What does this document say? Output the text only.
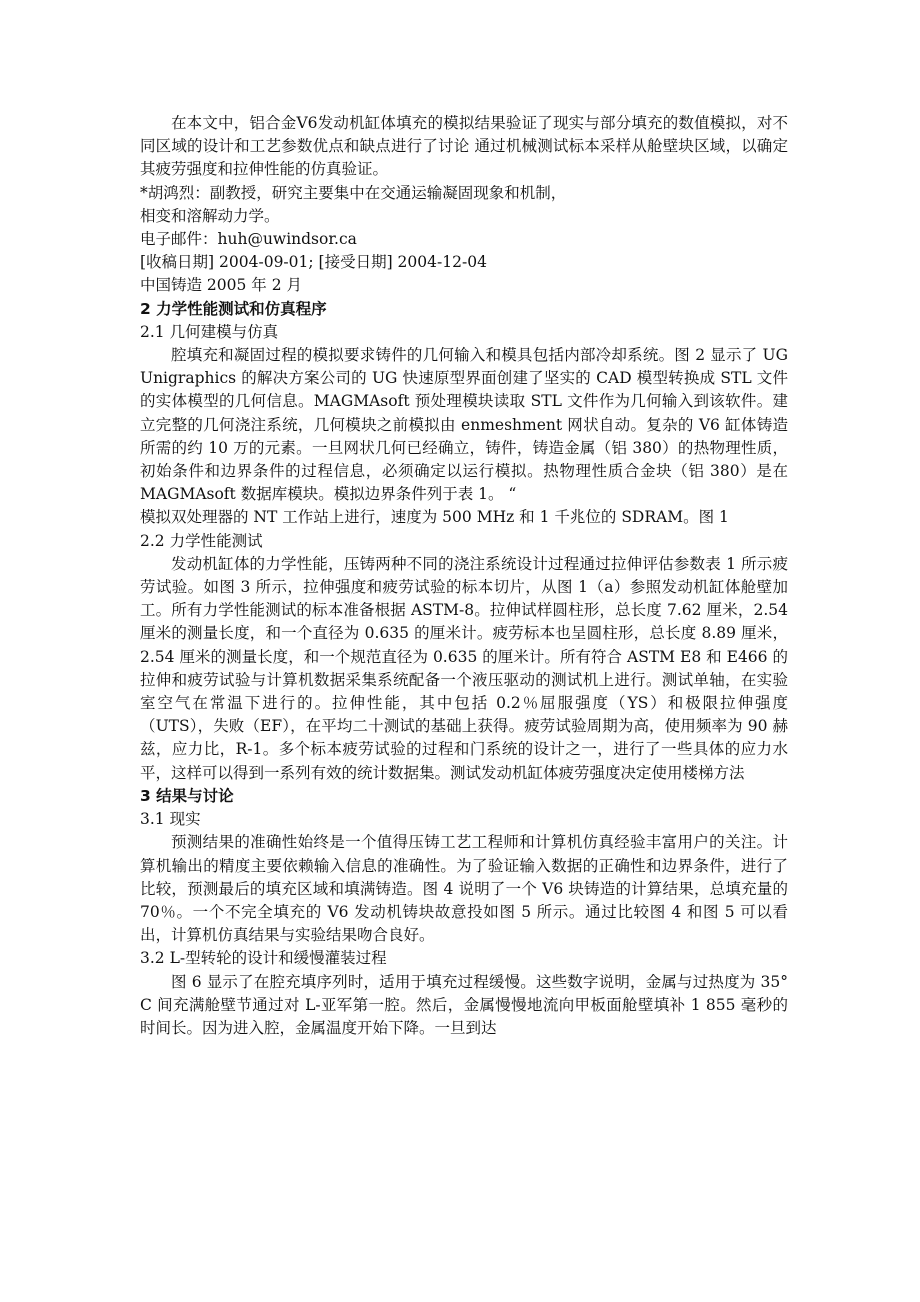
在本文中，铝合金V6发动机缸体填充的模拟结果验证了现实与部分填充的数值模拟，对不同区域的设计和工艺参数优点和缺点进行了讨论 通过机械测试标本采样从舱壁块区域，以确定其疲劳强度和拉伸性能的仿真验证。

*胡鸿烈：副教授，研究主要集中在交通运输凝固现象和机制，

相变和溶解动力学。

电子邮件：huh@uwindsor.ca

[收稿日期] 2004-09-01; [接受日期] 2004-12-04

中国铸造 2005 年 2 月

2 力学性能测试和仿真程序
2.1 几何建模与仿真

腔填充和凝固过程的模拟要求铸件的几何输入和模具包括内部冷却系统。图 2 显示了 UG Unigraphics 的解决方案公司的 UG 快速原型界面创建了坚实的 CAD 模型转换成 STL 文件的实体模型的几何信息。MAGMAsoft 预处理模块读取 STL 文件作为几何输入到该软件。建立完整的几何浇注系统，几何模块之前模拟由 enmeshment 网状自动。复杂的 V6 缸体铸造所需的约 10 万的元素。一旦网状几何已经确立，铸件，铸造金属（铝 380）的热物理性质，初始条件和边界条件的过程信息，必须确定以运行模拟。热物理性质合金块（铝 380）是在 MAGMAsoft 数据库模块。模拟边界条件列于表 1。 “

模拟双处理器的 NT 工作站上进行，速度为 500 MHz 和 1 千兆位的 SDRAM。图 1

2.2 力学性能测试

发动机缸体的力学性能，压铸两种不同的浇注系统设计过程通过拉伸评估参数表 1 所示疲劳试验。如图 3 所示，拉伸强度和疲劳试验的标本切片，从图 1（a）参照发动机缸体舱壁加工。所有力学性能测试的标本准备根据 ASTM-8。拉伸试样圆柱形，总长度 7.62 厘米，2.54 厘米的测量长度，和一个直径为 0.635 的厘米计。疲劳标本也呈圆柱形，总长度 8.89 厘米，2.54 厘米的测量长度，和一个规范直径为 0.635 的厘米计。所有符合 ASTM E8 和 E466 的拉伸和疲劳试验与计算机数据采集系统配备一个液压驱动的测试机上进行。测试单轴，在实验室空气在常温下进行的。拉伸性能，其中包括 0.2％屈服强度（YS）和极限拉伸强度（UTS），失败（EF），在平均二十测试的基础上获得。疲劳试验周期为高，使用频率为 90 赫兹，应力比，R-1。多个标本疲劳试验的过程和门系统的设计之一，进行了一些具体的应力水平，这样可以得到一系列有效的统计数据集。测试发动机缸体疲劳强度决定使用楼梯方法

3 结果与讨论
3.1 现实

预测结果的准确性始终是一个值得压铸工艺工程师和计算机仿真经验丰富用户的关注。计算机输出的精度主要依赖输入信息的准确性。为了验证输入数据的正确性和边界条件，进行了比较，预测最后的填充区域和填满铸造。图 4 说明了一个 V6 块铸造的计算结果，总填充量的 70％。一个不完全填充的 V6 发动机铸块故意投如图 5 所示。通过比较图 4 和图 5 可以看出，计算机仿真结果与实验结果吻合良好。

3.2 L-型转轮的设计和缓慢灌装过程

图 6 显示了在腔充填序列时，适用于填充过程缓慢。这些数字说明，金属与过热度为 35° C 间充满舱壁节通过对 L-亚军第一腔。然后，金属慢慢地流向甲板面舱壁填补 1 855 毫秒的时间长。因为进入腔，金属温度开始下降。一旦到达
